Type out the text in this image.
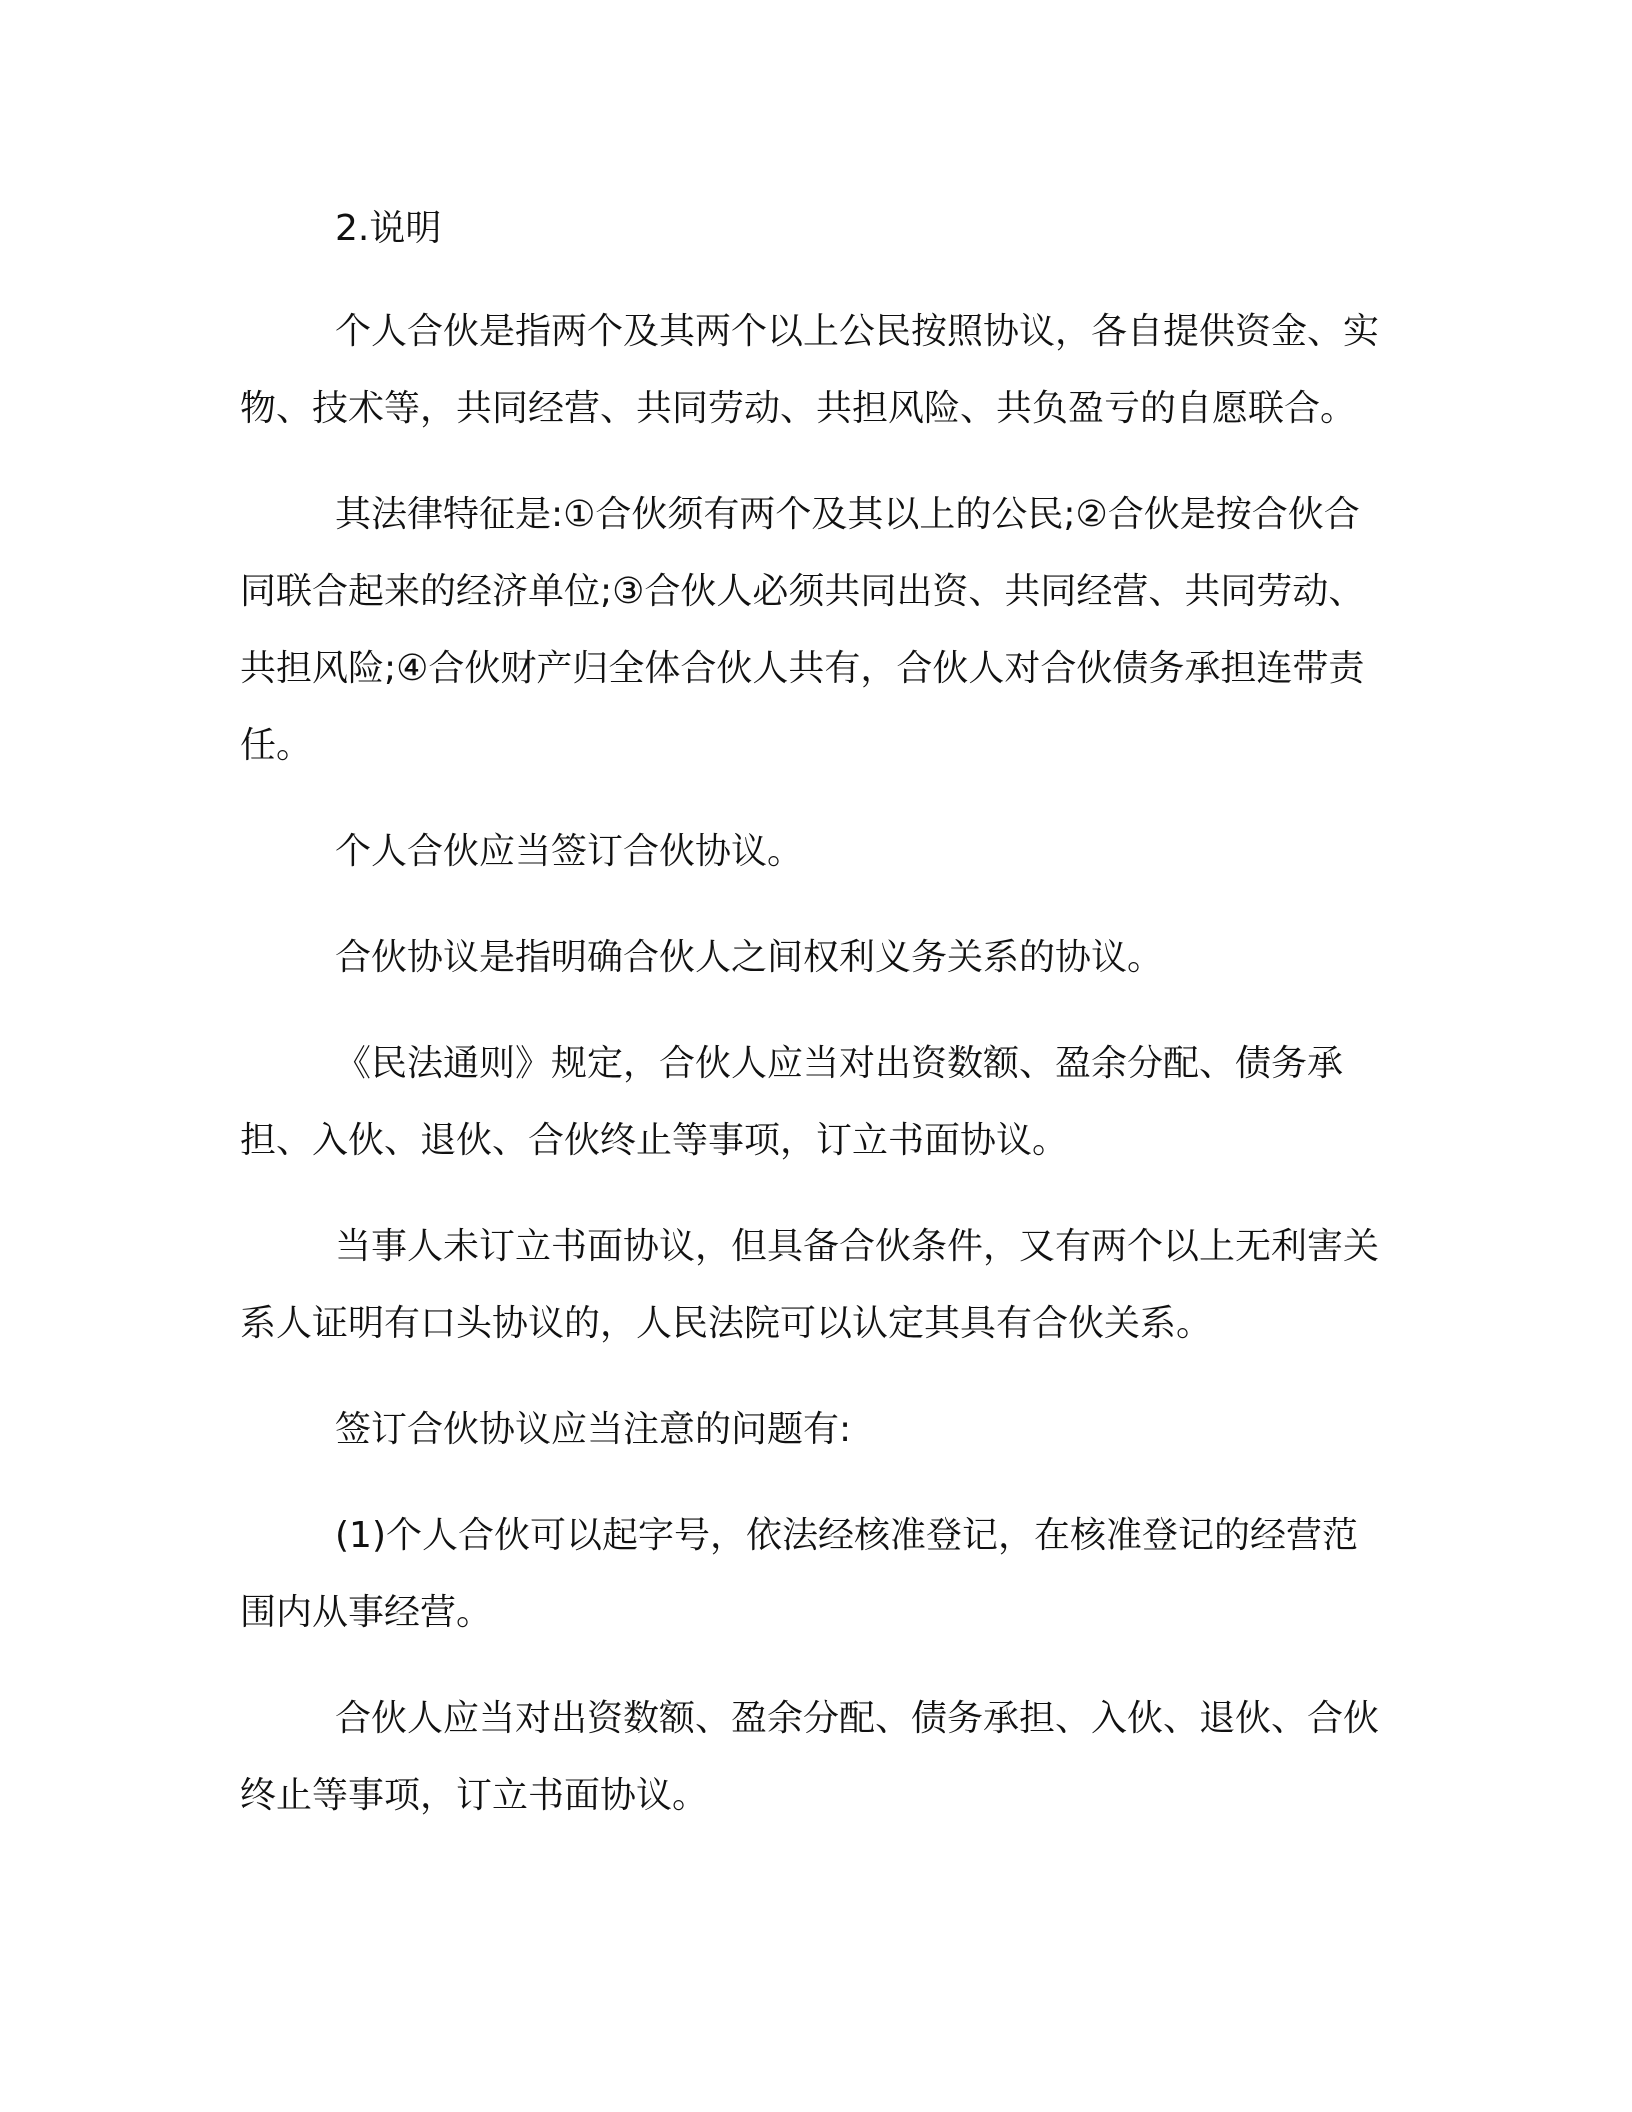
2.说明

个人合伙是指两个及其两个以上公民按照协议，各自提供资金、实物、技术等，共同经营、共同劳动、共担风险、共负盈亏的自愿联合。

其法律特征是:①合伙须有两个及其以上的公民;②合伙是按合伙合同联合起来的经济单位;③合伙人必须共同出资、共同经营、共同劳动、共担风险;④合伙财产归全体合伙人共有，合伙人对合伙债务承担连带责任。

个人合伙应当签订合伙协议。

合伙协议是指明确合伙人之间权利义务关系的协议。

《民法通则》规定，合伙人应当对出资数额、盈余分配、债务承担、入伙、退伙、合伙终止等事项，订立书面协议。

当事人未订立书面协议，但具备合伙条件，又有两个以上无利害关系人证明有口头协议的，人民法院可以认定其具有合伙关系。

签订合伙协议应当注意的问题有:

(1)个人合伙可以起字号，依法经核准登记，在核准登记的经营范围内从事经营。

合伙人应当对出资数额、盈余分配、债务承担、入伙、退伙、合伙终止等事项，订立书面协议。
